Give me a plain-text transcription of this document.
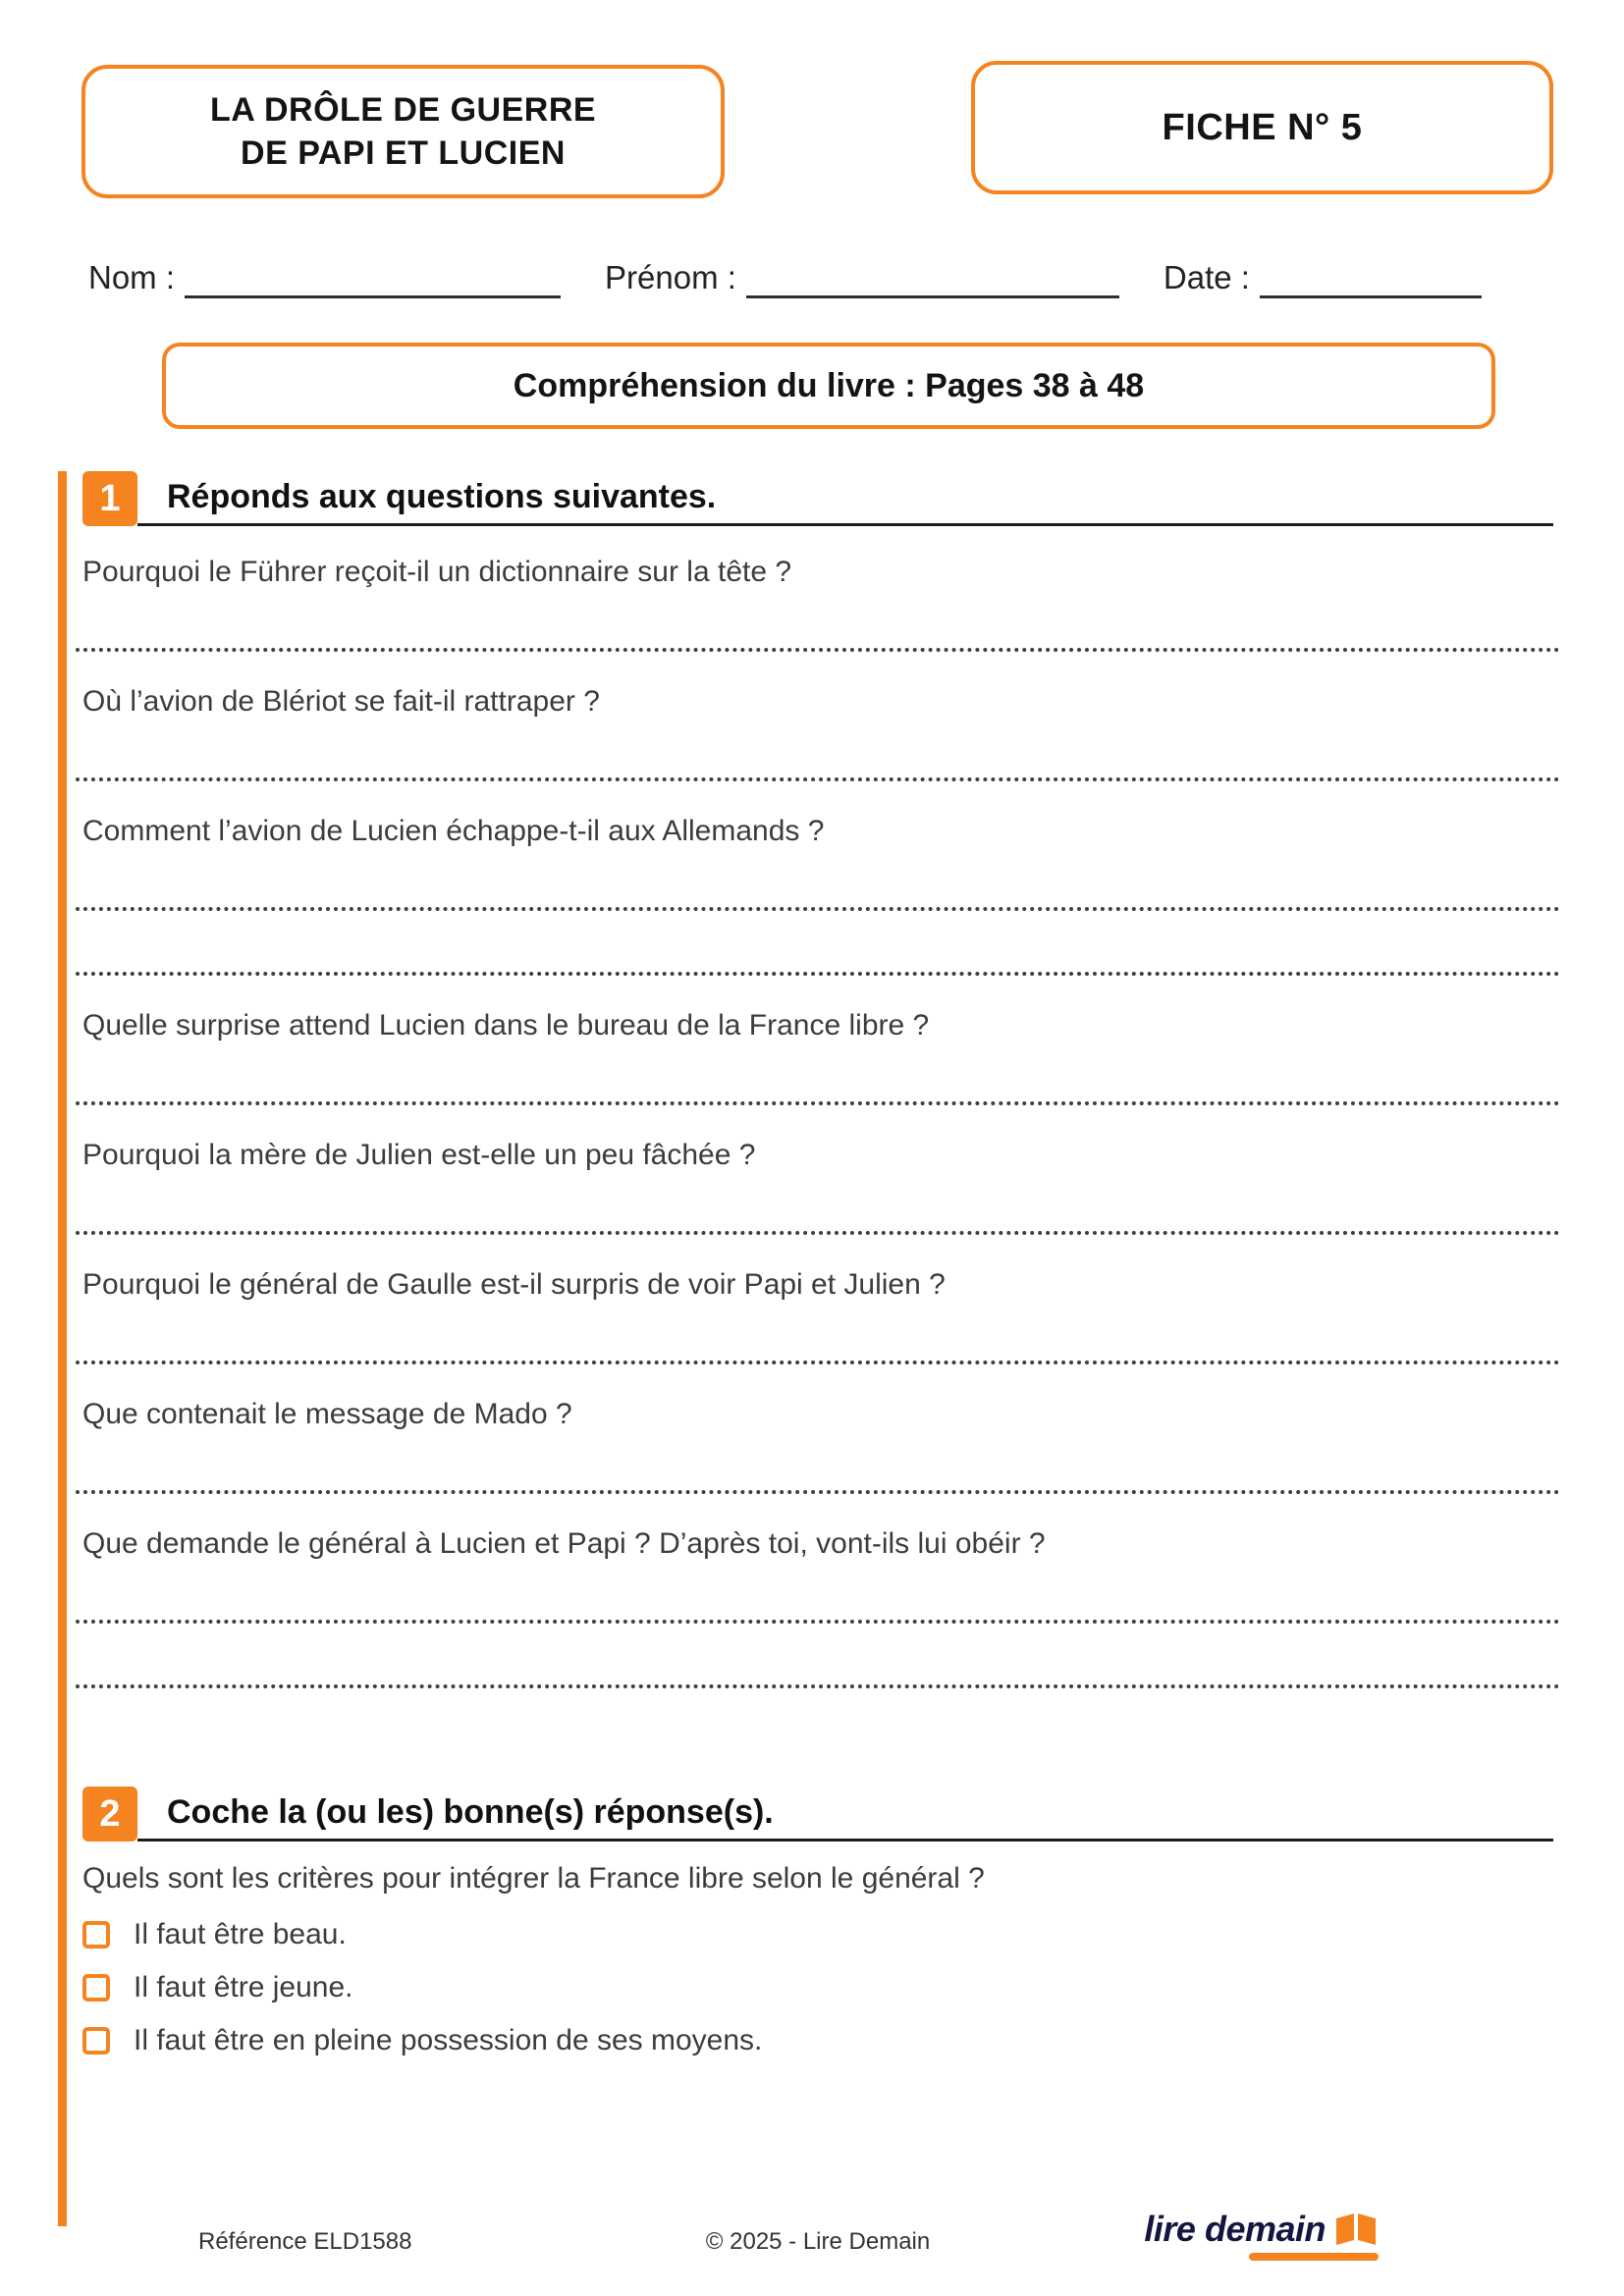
LA DRÔLE DE GUERRE
DE PAPI ET LUCIEN
FICHE N° 5
Nom :	Prénom :	Date :
Compréhension du livre : Pages 38 à 48
1	Réponds aux questions suivantes.
Pourquoi le Führer reçoit-il un dictionnaire sur la tête ?
Où l’avion de Blériot se fait-il rattraper ?
Comment l’avion de Lucien échappe-t-il aux Allemands ?
Quelle surprise attend Lucien dans le bureau de la France libre ?
Pourquoi la mère de Julien est-elle un peu fâchée ?
Pourquoi le général de Gaulle est-il surpris de voir Papi et Julien ?
Que contenait le message de Mado ?
Que demande le général à Lucien et Papi ? D’après toi, vont-ils lui obéir ?
2	Coche la (ou les) bonne(s) réponse(s).
Quels sont les critères pour intégrer la France libre selon le général ?
Il faut être beau.
Il faut être jeune.
Il faut être en pleine possession de ses moyens.
Référence ELD1588	© 2025 - Lire Demain	lire demain
